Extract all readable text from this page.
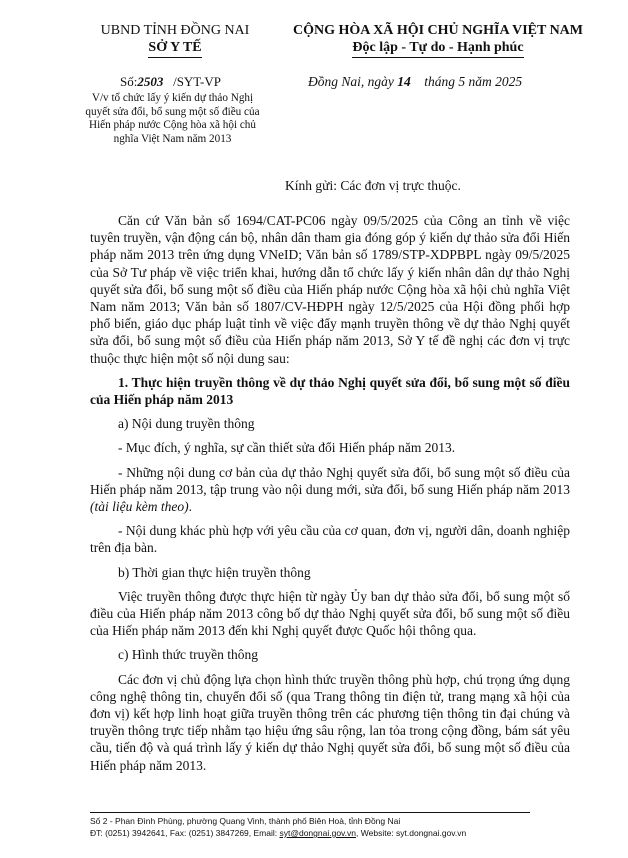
UBND TỈNH ĐỒNG NAI
SỞ Y TẾ
CỘNG HÒA XÃ HỘI CHỦ NGHĨA VIỆT NAM
Độc lập - Tự do - Hạnh phúc
Số:2503 /SYT-VP
V/v tổ chức lấy ý kiến dự thảo Nghị quyết sửa đổi, bổ sung một số điều của Hiến pháp nước Cộng hòa xã hội chủ nghĩa Việt Nam năm 2013
Đồng Nai, ngày 14 tháng 5 năm 2025
Kính gửi: Các đơn vị trực thuộc.

Căn cứ Văn bản số 1694/CAT-PC06 ngày 09/5/2025 của Công an tỉnh về việc tuyên truyền, vận động cán bộ, nhân dân tham gia đóng góp ý kiến dự thảo sửa đổi Hiến pháp năm 2013 trên ứng dụng VNeID; Văn bản số 1789/STP-XDPBPL ngày 09/5/2025 của Sở Tư pháp về việc triển khai, hướng dẫn tổ chức lấy ý kiến nhân dân dự thảo Nghị quyết sửa đổi, bổ sung một số điều của Hiến pháp nước Cộng hòa xã hội chủ nghĩa Việt Nam năm 2013; Văn bản số 1807/CV-HĐPH ngày 12/5/2025 của Hội đồng phối hợp phổ biến, giáo dục pháp luật tỉnh về việc đẩy mạnh truyền thông về dự thảo Nghị quyết sửa đổi, bổ sung một số điều của Hiến pháp năm 2013, Sở Y tế đề nghị các đơn vị trực thuộc thực hiện một số nội dung sau:

1. Thực hiện truyền thông về dự thảo Nghị quyết sửa đổi, bổ sung một số điều của Hiến pháp năm 2013

a) Nội dung truyền thông

- Mục đích, ý nghĩa, sự cần thiết sửa đổi Hiến pháp năm 2013.

- Những nội dung cơ bản của dự thảo Nghị quyết sửa đổi, bổ sung một số điều của Hiến pháp năm 2013, tập trung vào nội dung mới, sửa đổi, bổ sung Hiến pháp năm 2013 (tài liệu kèm theo).

- Nội dung khác phù hợp với yêu cầu của cơ quan, đơn vị, người dân, doanh nghiệp trên địa bàn.

b) Thời gian thực hiện truyền thông

Việc truyền thông được thực hiện từ ngày Ủy ban dự thảo sửa đổi, bổ sung một số điều của Hiến pháp năm 2013 công bố dự thảo Nghị quyết sửa đổi, bổ sung một số điều của Hiến pháp năm 2013 đến khi Nghị quyết được Quốc hội thông qua.

c) Hình thức truyền thông

Các đơn vị chủ động lựa chọn hình thức truyền thông phù hợp, chú trọng ứng dụng công nghệ thông tin, chuyển đổi số (qua Trang thông tin điện tử, trang mạng xã hội của đơn vị) kết hợp linh hoạt giữa truyền thông trên các phương tiện thông tin đại chúng và truyền thông trực tiếp nhằm tạo hiệu ứng sâu rộng, lan tỏa trong cộng đồng, bám sát yêu cầu, tiến độ và quá trình lấy ý kiến dự thảo Nghị quyết sửa đổi, bổ sung một số điều của Hiến pháp năm 2013.

Số 2 - Phan Đình Phùng, phường Quang Vinh, thành phố Biên Hoà, tỉnh Đồng Nai
ĐT: (0251) 3942641, Fax: (0251) 3847269, Email: syt@dongnai.gov.vn, Website: syt.dongnai.gov.vn
